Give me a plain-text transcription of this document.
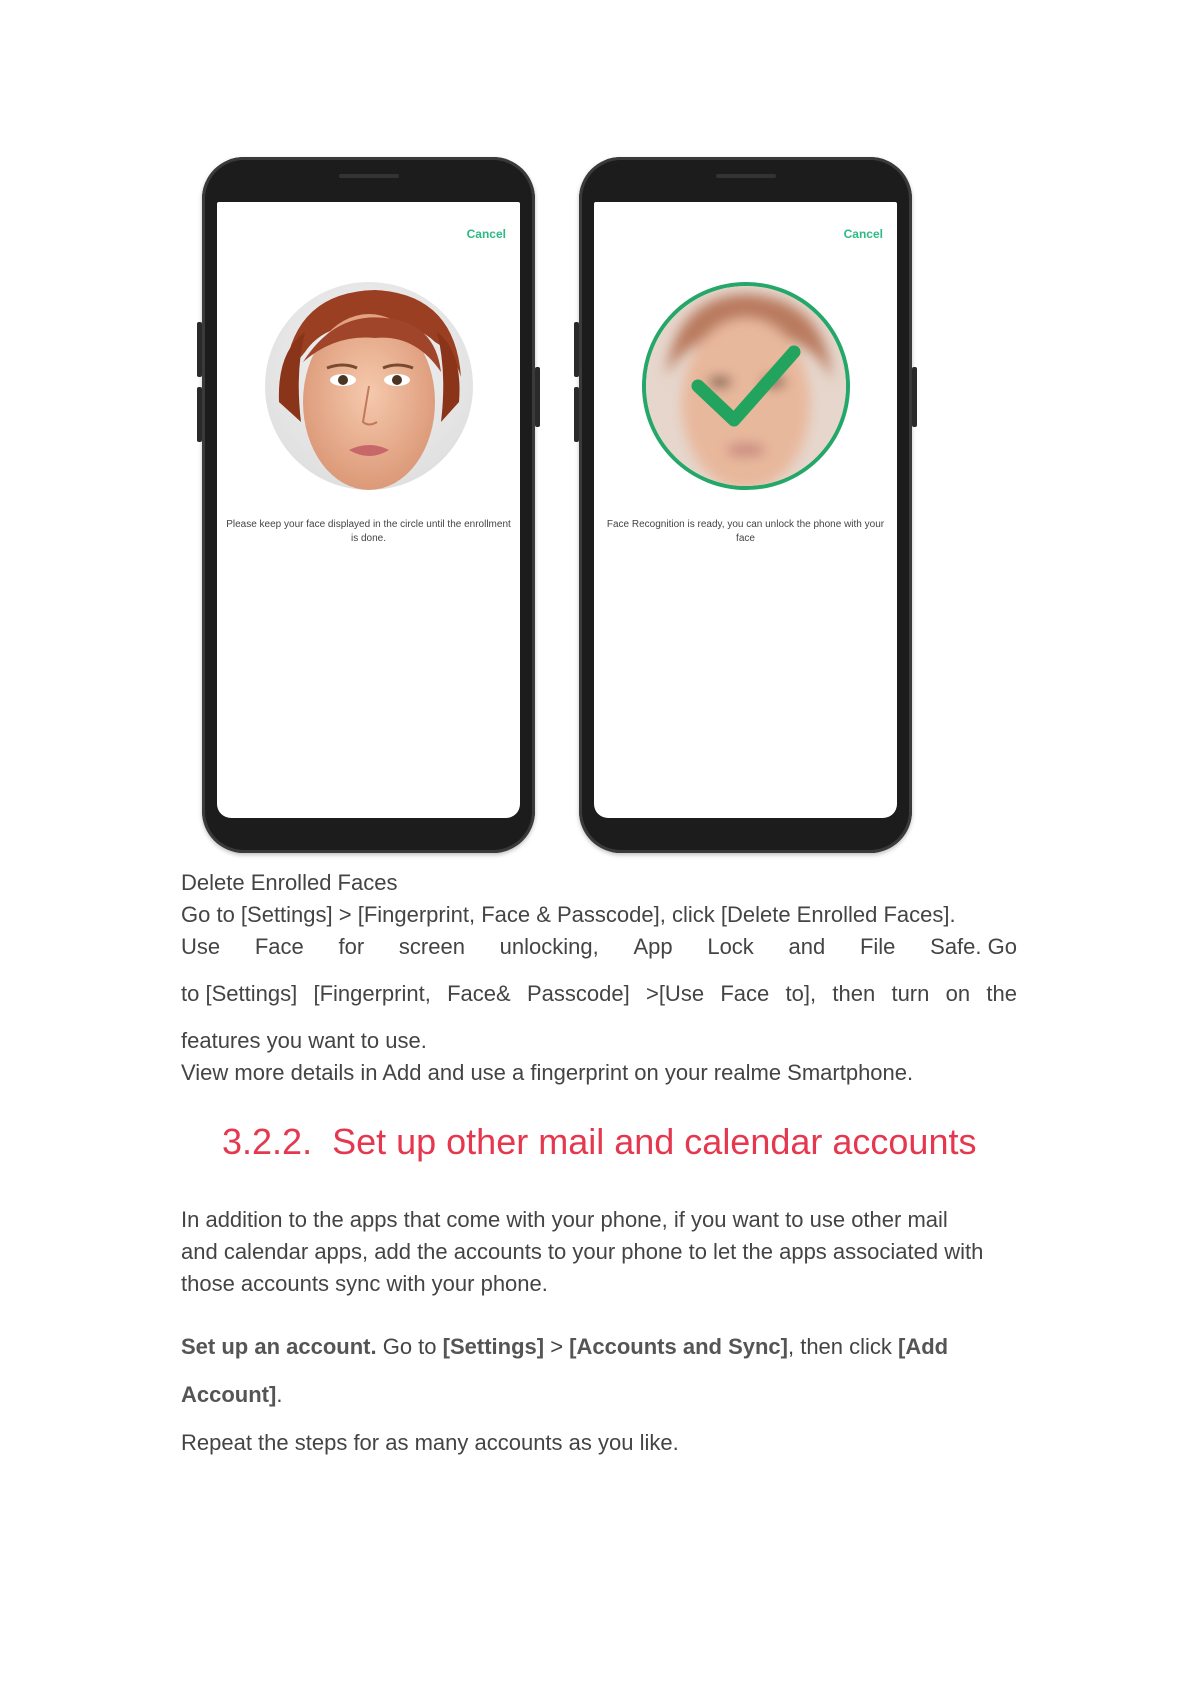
Cancel
Please keep your face displayed in the circle until the enrollment is done.
Cancel
Face Recognition is ready, you can unlock the phone with your face
Delete Enrolled Faces
Go to [Settings] > [Fingerprint, Face & Passcode], click [Delete Enrolled Faces].
Use Face for screen unlocking, App Lock and File Safe. Go
to [Settings] [Fingerprint, Face& Passcode] >[Use Face to], then turn on the
features you want to use.
View more details in Add and use a fingerprint on your realme Smartphone.
3.2.2. Set up other mail and calendar accounts
In addition to the apps that come with your phone, if you want to use other mail
and calendar apps, add the accounts to your phone to let the apps associated with
those accounts sync with your phone.
Set up an account. Go to [Settings] > [Accounts and Sync], then click [Add
Account].
Repeat the steps for as many accounts as you like.
